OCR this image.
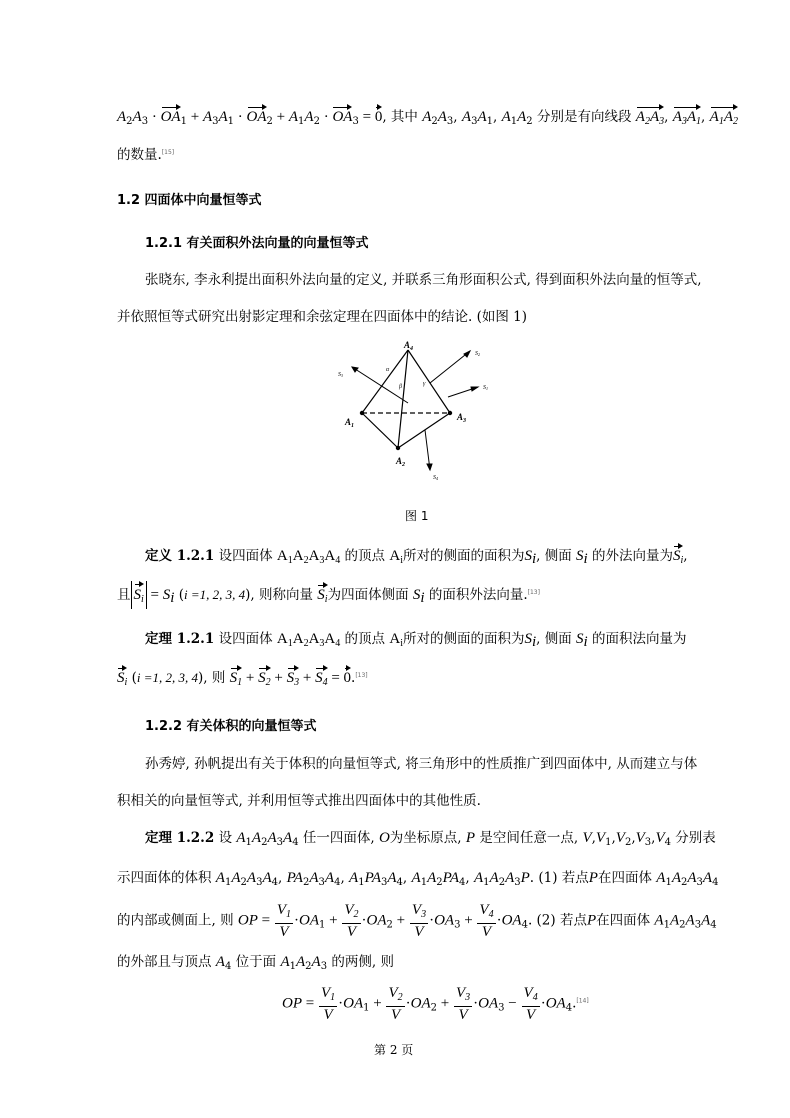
$A_2A_3 \cdot OA_1 + A_3A_1 \cdot OA_2 + A_1A_2 \cdot OA_3 = 0$, 其中 $A_2A_3$, $A_3A_1$, $A_1A_2$ 分别是有向线段 $A_2A_3$, $A_3A_1$, $A_1A_2$
的数量.[15]
1.2 四面体中向量恒等式
1.2.1 有关面积外法向量的向量恒等式
张晓东, 李永利提出面积外法向量的定义, 并联系三角形面积公式, 得到面积外法向量的恒等式,
并依照恒等式研究出射影定理和余弦定理在四面体中的结论. (如图 1)
$A_4$
$A_1$
$A_2$
$A_3$
S3
S2
S1
S4
α
β	γ
图 1
定义 1.2.1 设四面体 $A_1A_2A_3A_4$ 的顶点 $A_i$所对的侧面的面积为$S_i$, 侧面 $S_i$ 的外法向量为$S_i$,
且 $S_i = S_i$ (i =1, 2, 3, 4), 则称向量 $S_i$为四面体侧面 $S_i$ 的面积外法向量.[13]
定理 1.2.1 设四面体 $A_1A_2A_3A_4$ 的顶点 $A_i$所对的侧面的面积为$S_i$, 侧面 $S_i$ 的面积法向量为
$S_i$ (i =1, 2, 3, 4), 则 $S_1 + S_2 + S_3 + S_4 = 0.[13]$
1.2.2 有关体积的向量恒等式
孙秀婷, 孙帆提出有关于体积的向量恒等式, 将三角形中的性质推广到四面体中, 从而建立与体
积相关的向量恒等式, 并利用恒等式推出四面体中的其他性质.
定理 1.2.2 设 $A_1A_2A_3A_4$ 任一四面体, O为坐标原点, P 是空间任意一点, $V,V_1,V_2,V_3,V_4$ 分别表
示四面体的体积 $A_1A_2A_3A_4$, $PA_2A_3A_4$, $A_1PA_3A_4$, $A_1A_2PA_4$, $A_1A_2A_3P$. (1) 若点P在四面体 $A_1A_2A_3A_4$
的内部或侧面上, 则 OP = $\frac{V_1}{V} \cdot OA_1 + \frac{V_2}{V} \cdot OA_2 + \frac{V_3}{V} \cdot OA_3 + \frac{V_4}{V} \cdot OA_4$. (2) 若点P在四面体 $A_1A_2A_3A_4$
的外部且与顶点 $A_4$ 位于面 $A_1A_2A_3$ 的两侧, 则
OP = $\frac{V_1}{V} \cdot OA_1 + \frac{V_2}{V} \cdot OA_2 + \frac{V_3}{V} \cdot OA_3 - \frac{V_4}{V} \cdot OA_4.[14]$
第 2 页
